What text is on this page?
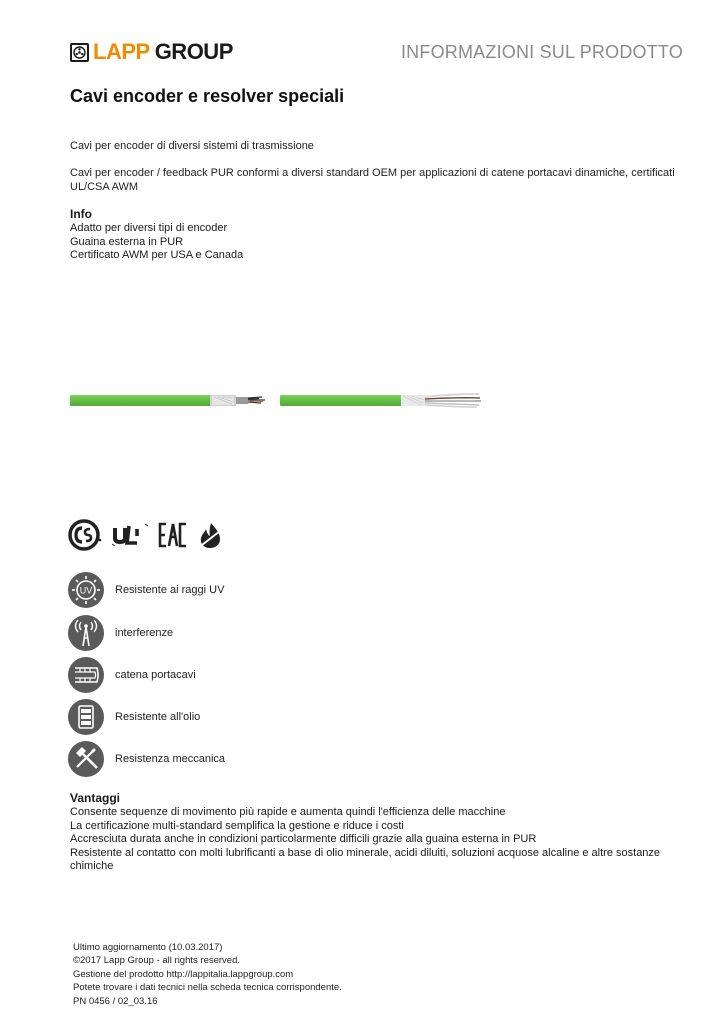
LAPP GROUP	INFORMAZIONI SUL PRODOTTO
Cavi encoder e resolver speciali
Cavi per encoder di diversi sistemi di trasmissione
Cavi per encoder / feedback PUR conformi a diversi standard OEM per applicazioni di catene portacavi dinamiche, certificati UL/CSA AWM
Info
Adatto per diversi tipi di encoder
Guaina esterna in PUR
Certificato AWM per USA e Canada
UV Resistente ai raggi UV
interferenze
catena portacavi
Resistente all'olio
Resistenza meccanica
Vantaggi
Consente sequenze di movimento più rapide e aumenta quindi l'efficienza delle macchine
La certificazione multi-standard semplifica la gestione e riduce i costi
Accresciuta durata anche in condizioni particolarmente difficili grazie alla guaina esterna in PUR
Resistente al contatto con molti lubrificanti a base di olio minerale, acidi diluiti, soluzioni acquose alcaline e altre sostanze chimiche
Ultimo aggiornamento (10.03.2017)
©2017 Lapp Group - all rights reserved.
Gestione del prodotto http://lappitalia.lappgroup.com
Potete trovare i dati tecnici nella scheda tecnica corrispondente.
PN 0456 / 02_03.16
